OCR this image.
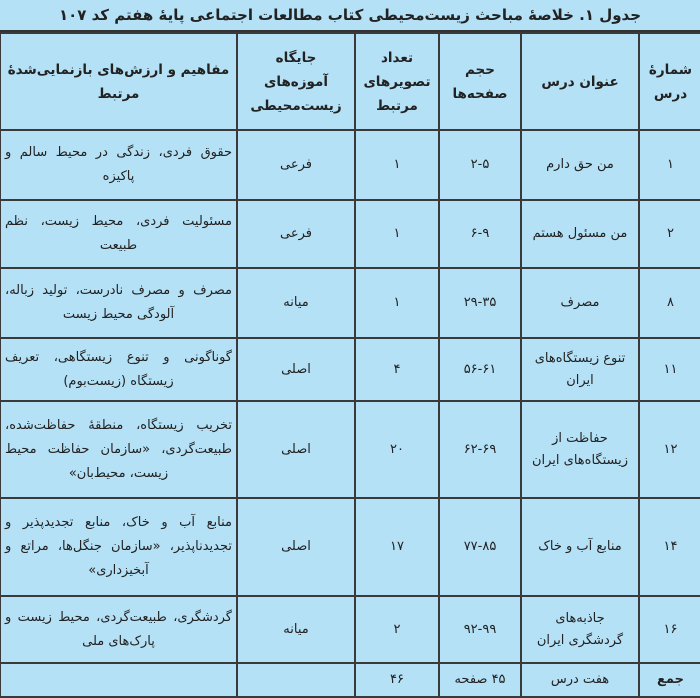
جدول ۱. خلاصهٔ مباحث زیست‌محیطی کتاب مطالعات اجتماعی پایهٔ هفتم کد ۱۰۷
شمارهٔ درس	عنوان درس	حجم صفحه‌ها	تعداد تصویرهای مرتبط	جایگاه آموزه‌های زیست‌محیطی	مفاهیم و ارزش‌های بازنمایی‌شدهٔ مرتبط
۱	من حق دارم	۲-۵	۱	فرعی	حقوق فردی، زندگی در محیط سالم و پاکیزه
۲	من مسئول هستم	۶-۹	۱	فرعی	مسئولیت فردی، محیط زیست، نظم طبیعت
۸	مصرف	۲۹-۳۵	۱	میانه	مصرف و مصرف نادرست، تولید زباله، آلودگی محیط زیست
۱۱	تنوع زیستگاه‌های ایران	۵۶-۶۱	۴	اصلی	گوناگونی و تنوع زیستگاهی، تعریف زیستگاه (زیست‌بوم)
۱۲	حفاظت از زیستگاه‌های ایران	۶۲-۶۹	۲۰	اصلی	تخریب زیستگاه، منطقهٔ حفاظت‌شده، طبیعت‌گردی، «سازمان حفاظت محیط زیست، محیط‌بان»
۱۴	منابع آب و خاک	۷۷-۸۵	۱۷	اصلی	منابع آب و خاک، منابع تجدیدپذیر و تجدیدناپذیر، «سازمان جنگل‌ها، مراتع و آبخیزداری»
۱۶	جاذبه‌های گردشگری ایران	۹۲-۹۹	۲	میانه	گردشگری، طبیعت‌گردی، محیط زیست و پارک‌های ملی
جمع	هفت درس	۴۵ صفحه	۴۶		
